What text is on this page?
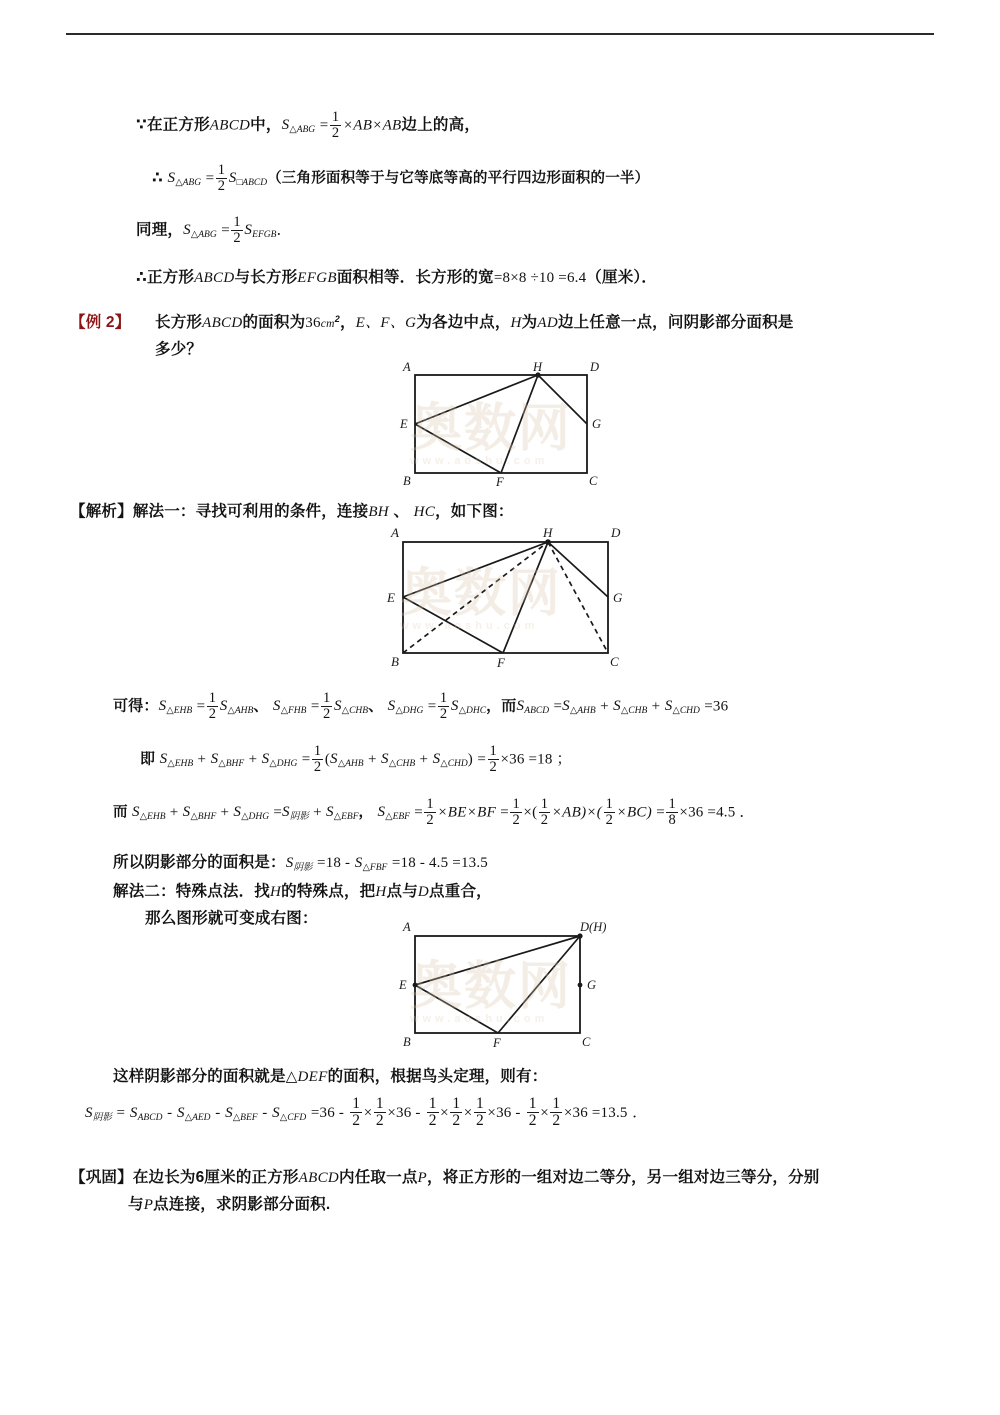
∵在正方形ABCD中，$S_{\triangle ABG} = \frac{1}{2} \times AB\times AB$边上的高，
∴ $S_{\triangle ABG} = \frac{1}{2} S_{□ABCD}$（三角形面积等于与它等底等高的平行四边形面积的一半）
同理，$S_{\triangle ABG} = \frac{1}{2} S_{EFGB}$．
∴正方形ABCD与长方形EFGB面积相等．长方形的宽=8×8 ÷10 =6.4（厘米）．
【例 2】 长方形ABCD的面积为$36cm^2$，E、F、G为各边中点，H为AD边上任意一点，问阴影部分面积是
多少？
奥数网
www.aoshu.com
A
B	C
D
E
F
G
H
【解析】解法一：寻找可利用的条件，连接BH 、 HC，如下图：
奥数网
www.aoshu.com
A
B	C
D
E
F
G
H
可得：$S_{\triangle EHB} = \frac{1}{2} S_{\triangle AHB}$、 $S_{\triangle FHB} = \frac{1}{2} S_{\triangle CHB}$、 $S_{\triangle DHG} = \frac{1}{2} S_{\triangle DHC}$，而$S_{ABCD} =S_{\triangle AHB} + S_{\triangle CHB} + S_{\triangle CHD} =36$
即 $S_{\triangle EHB} + S_{\triangle BHF} + S_{\triangle DHG} = \frac{1}{2} (S_{\triangle AHB} + S_{\triangle CHB} + S_{\triangle CHD}) = \frac{1}{2} \times 36 =18$ ；
而 $S_{\triangle EHB} + S_{\triangle BHF} + S_{\triangle DHG} =S_{阴影} + S_{\triangle EBF}$， $S_{\triangle EBF} = \frac{1}{2} \times BE\times BF = \frac{1}{2}$ ×( $\frac{1}{2} \times AB)\times( \frac{1}{2} \times BC) = \frac{1}{8} \times 36 =4.5$ ．
所以阴影部分的面积是：$S_{阴影} =18 - S_{\triangle FBF} =18 - 4.5 =13.5$
解法二：特殊点法．找H的特殊点，把H点与D点重合，
那么图形就可变成右图：
奥数网
www.aoshu.com
A
B	C
D(H)
E
F
G
这样阴影部分的面积就是△DEF的面积，根据鸟头定理，则有：
$S_{阴影} = S_{ABCD} - S_{\triangle AED} - S_{\triangle BEF} - S_{\triangle CFD} =36 - \frac{1}{2} \times \frac{1}{2} \times 36 - \frac{1}{2} \times \frac{1}{2} \times \frac{1}{2} \times 36 - \frac{1}{2} \times \frac{1}{2} \times 36 =13.5$ ．
【巩固】在边长为6厘米的正方形ABCD内任取一点P，将正方形的一组对边二等分，另一组对边三等分，分别
与P点连接，求阴影部分面积.
